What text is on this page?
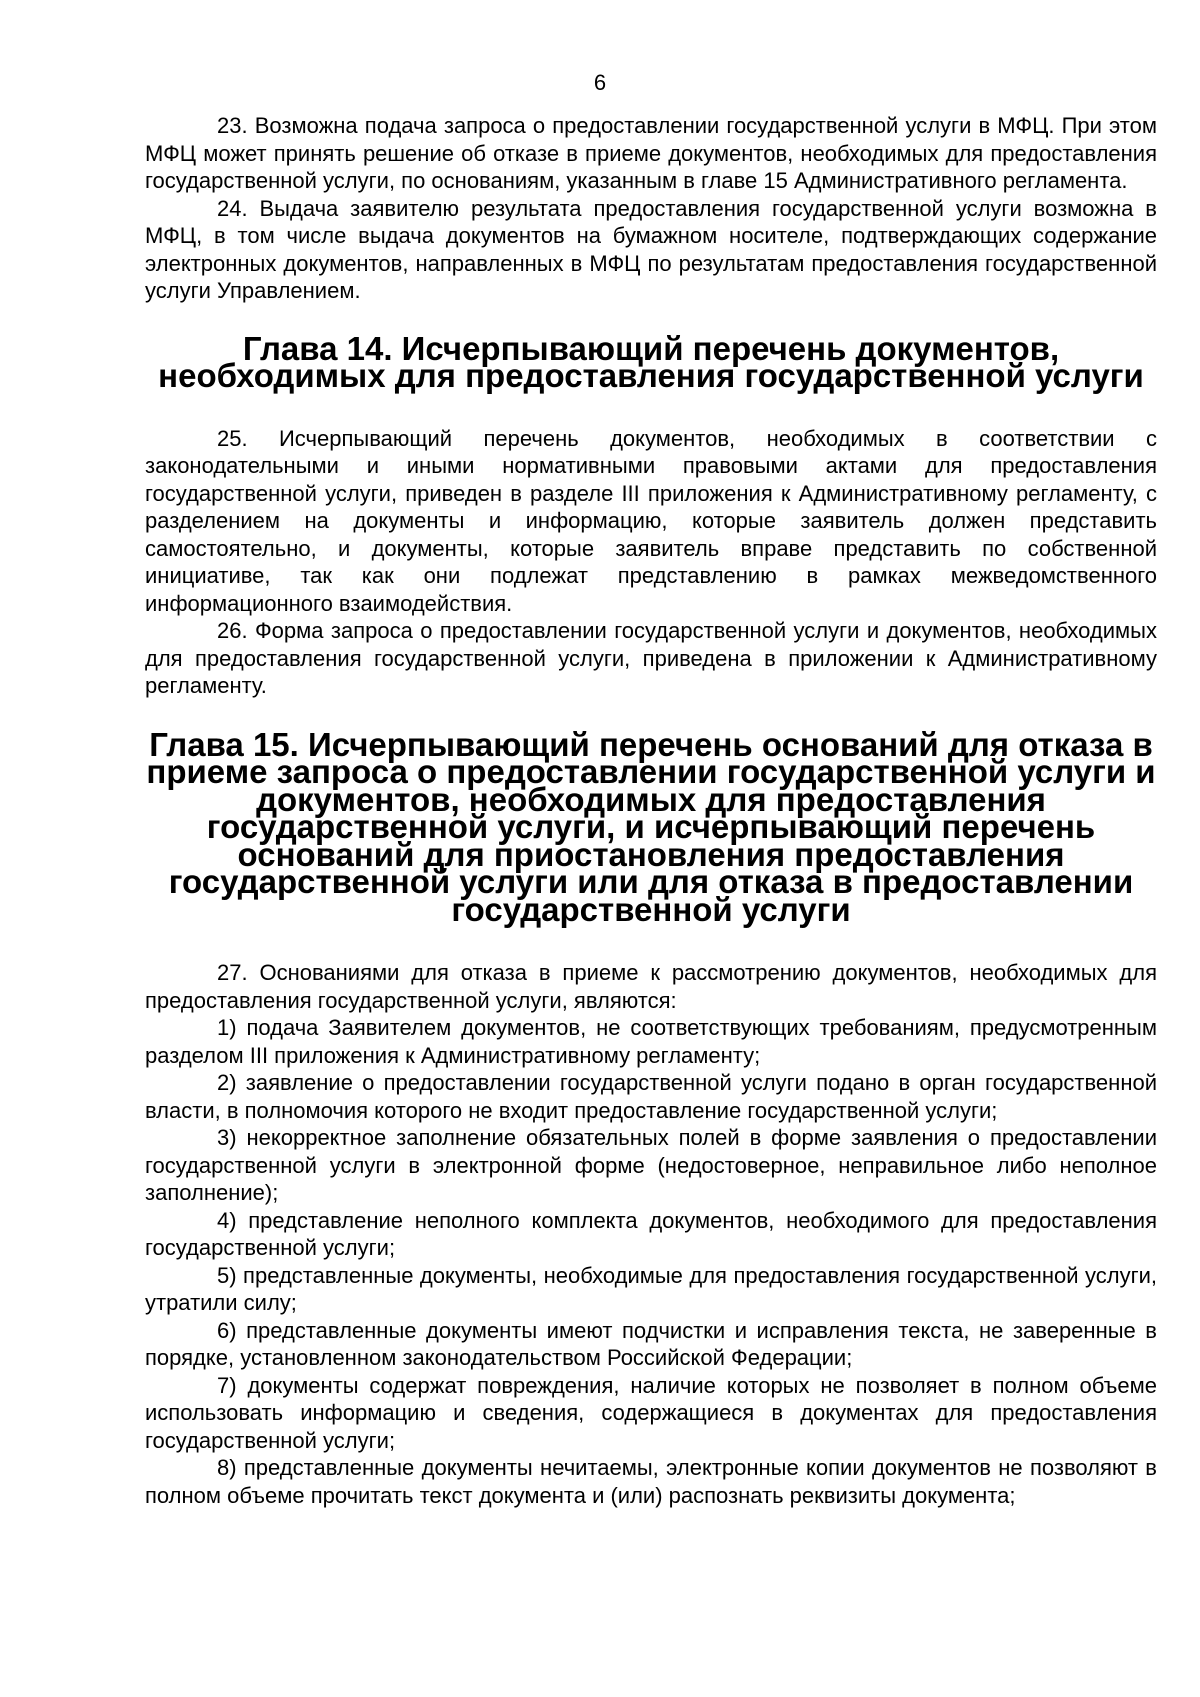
6

23. Возможна подача запроса о предоставлении государственной услуги в МФЦ. При этом МФЦ может принять решение об отказе в приеме документов, необходимых для предоставления государственной услуги, по основаниям, указанным в главе 15 Административного регламента.

24. Выдача заявителю результата предоставления государственной услуги возможна в МФЦ, в том числе выдача документов на бумажном носителе, подтверждающих содержание электронных документов, направленных в МФЦ по результатам предоставления государственной услуги Управлением.

Глава 14. Исчерпывающий перечень документов, необходимых для предоставления государственной услуги

25. Исчерпывающий перечень документов, необходимых в соответствии с законодательными и иными нормативными правовыми актами для предоставления государственной услуги, приведен в разделе III приложения к Административному регламенту, с разделением на документы и информацию, которые заявитель должен представить самостоятельно, и документы, которые заявитель вправе представить по собственной инициативе, так как они подлежат представлению в рамках межведомственного информационного взаимодействия.

26. Форма запроса о предоставлении государственной услуги и документов, необходимых для предоставления государственной услуги, приведена в приложении к Административному регламенту.

Глава 15. Исчерпывающий перечень оснований для отказа в приеме запроса о предоставлении государственной услуги и документов, необходимых для предоставления государственной услуги, и исчерпывающий перечень оснований для приостановления предоставления государственной услуги или для отказа в предоставлении государственной услуги

27. Основаниями для отказа в приеме к рассмотрению документов, необходимых для предоставления государственной услуги, являются:

1) подача Заявителем документов, не соответствующих требованиям, предусмотренным разделом III приложения к Административному регламенту;

2) заявление о предоставлении государственной услуги подано в орган государственной власти, в полномочия которого не входит предоставление государственной услуги;

3) некорректное заполнение обязательных полей в форме заявления о предоставлении государственной услуги в электронной форме (недостоверное, неправильное либо неполное заполнение);

4) представление неполного комплекта документов, необходимого для предоставления государственной услуги;

5) представленные документы, необходимые для предоставления государственной услуги, утратили силу;

6) представленные документы имеют подчистки и исправления текста, не заверенные в порядке, установленном законодательством Российской Федерации;

7) документы содержат повреждения, наличие которых не позволяет в полном объеме использовать информацию и сведения, содержащиеся в документах для предоставления государственной услуги;

8) представленные документы нечитаемы, электронные копии документов не позволяют в полном объеме прочитать текст документа и (или) распознать реквизиты документа;
